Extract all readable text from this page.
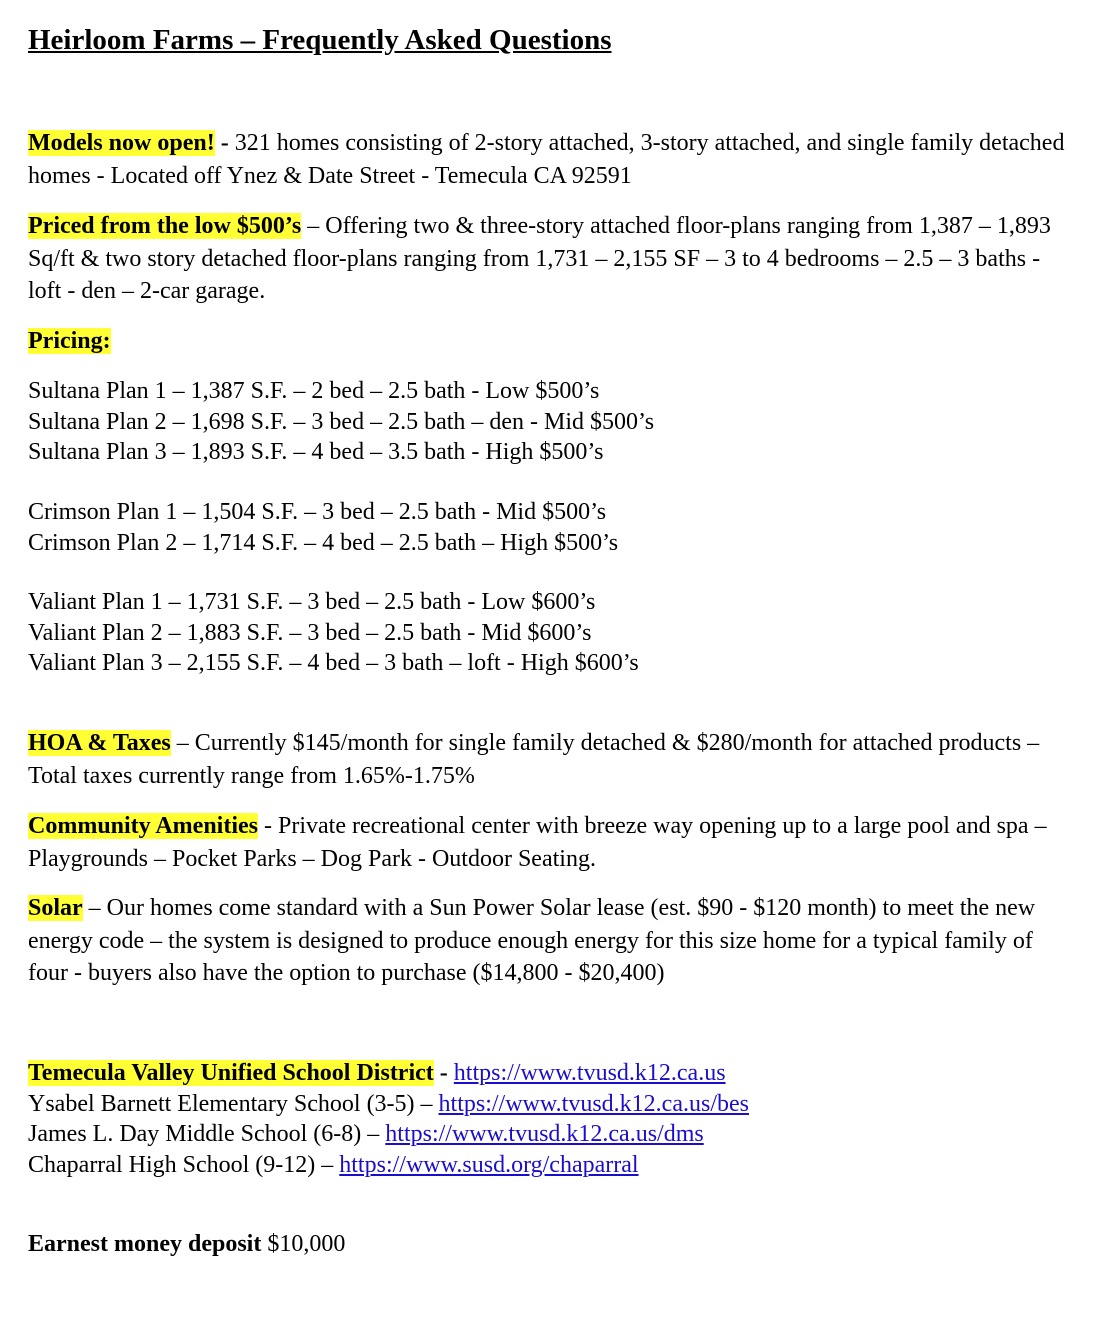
Heirloom Farms – Frequently Asked Questions
Models now open! - 321 homes consisting of 2-story attached, 3-story attached, and single family detached homes - Located off Ynez & Date Street - Temecula CA 92591
Priced from the low $500’s – Offering two & three-story attached floor-plans ranging from 1,387 – 1,893 Sq/ft & two story detached floor-plans ranging from 1,731 – 2,155 SF – 3 to 4 bedrooms – 2.5 – 3 baths - loft - den – 2-car garage.
Pricing:
Sultana Plan 1 – 1,387 S.F. – 2 bed – 2.5 bath - Low $500’s
Sultana Plan 2 – 1,698 S.F. – 3 bed – 2.5 bath – den - Mid $500’s
Sultana Plan 3 – 1,893 S.F. – 4 bed – 3.5 bath - High $500’s
Crimson Plan 1 – 1,504 S.F. – 3 bed – 2.5 bath - Mid $500’s
Crimson Plan 2 – 1,714 S.F. – 4 bed – 2.5 bath – High $500’s
Valiant Plan 1 – 1,731 S.F. – 3 bed – 2.5 bath - Low $600’s
Valiant Plan 2 – 1,883 S.F. – 3 bed – 2.5 bath - Mid $600’s
Valiant Plan 3 – 2,155 S.F. – 4 bed – 3 bath – loft - High $600’s
HOA & Taxes – Currently $145/month for single family detached & $280/month for attached products – Total taxes currently range from 1.65%-1.75%
Community Amenities - Private recreational center with breeze way opening up to a large pool and spa – Playgrounds – Pocket Parks – Dog Park - Outdoor Seating.
Solar – Our homes come standard with a Sun Power Solar lease (est. $90 - $120 month) to meet the new energy code – the system is designed to produce enough energy for this size home for a typical family of four - buyers also have the option to purchase ($14,800 - $20,400)
Temecula Valley Unified School District - https://www.tvusd.k12.ca.us
Ysabel Barnett Elementary School (3-5) – https://www.tvusd.k12.ca.us/bes
James L. Day Middle School (6-8) – https://www.tvusd.k12.ca.us/dms
Chaparral High School (9-12) – https://www.susd.org/chaparral
Earnest money deposit $10,000
